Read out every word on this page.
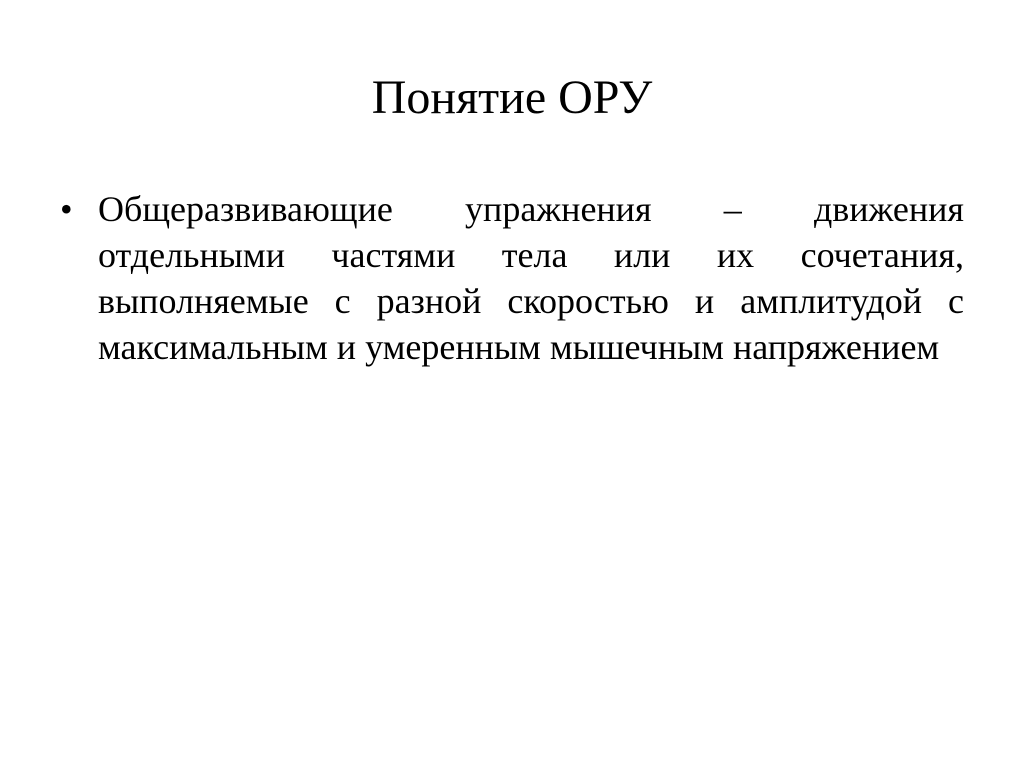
Понятие ОРУ
• Общеразвивающие упражнения – движения отдельными частями тела или их сочетания, выполняемые с разной скоростью и амплитудой с максимальным и умеренным мышечным напряжением
